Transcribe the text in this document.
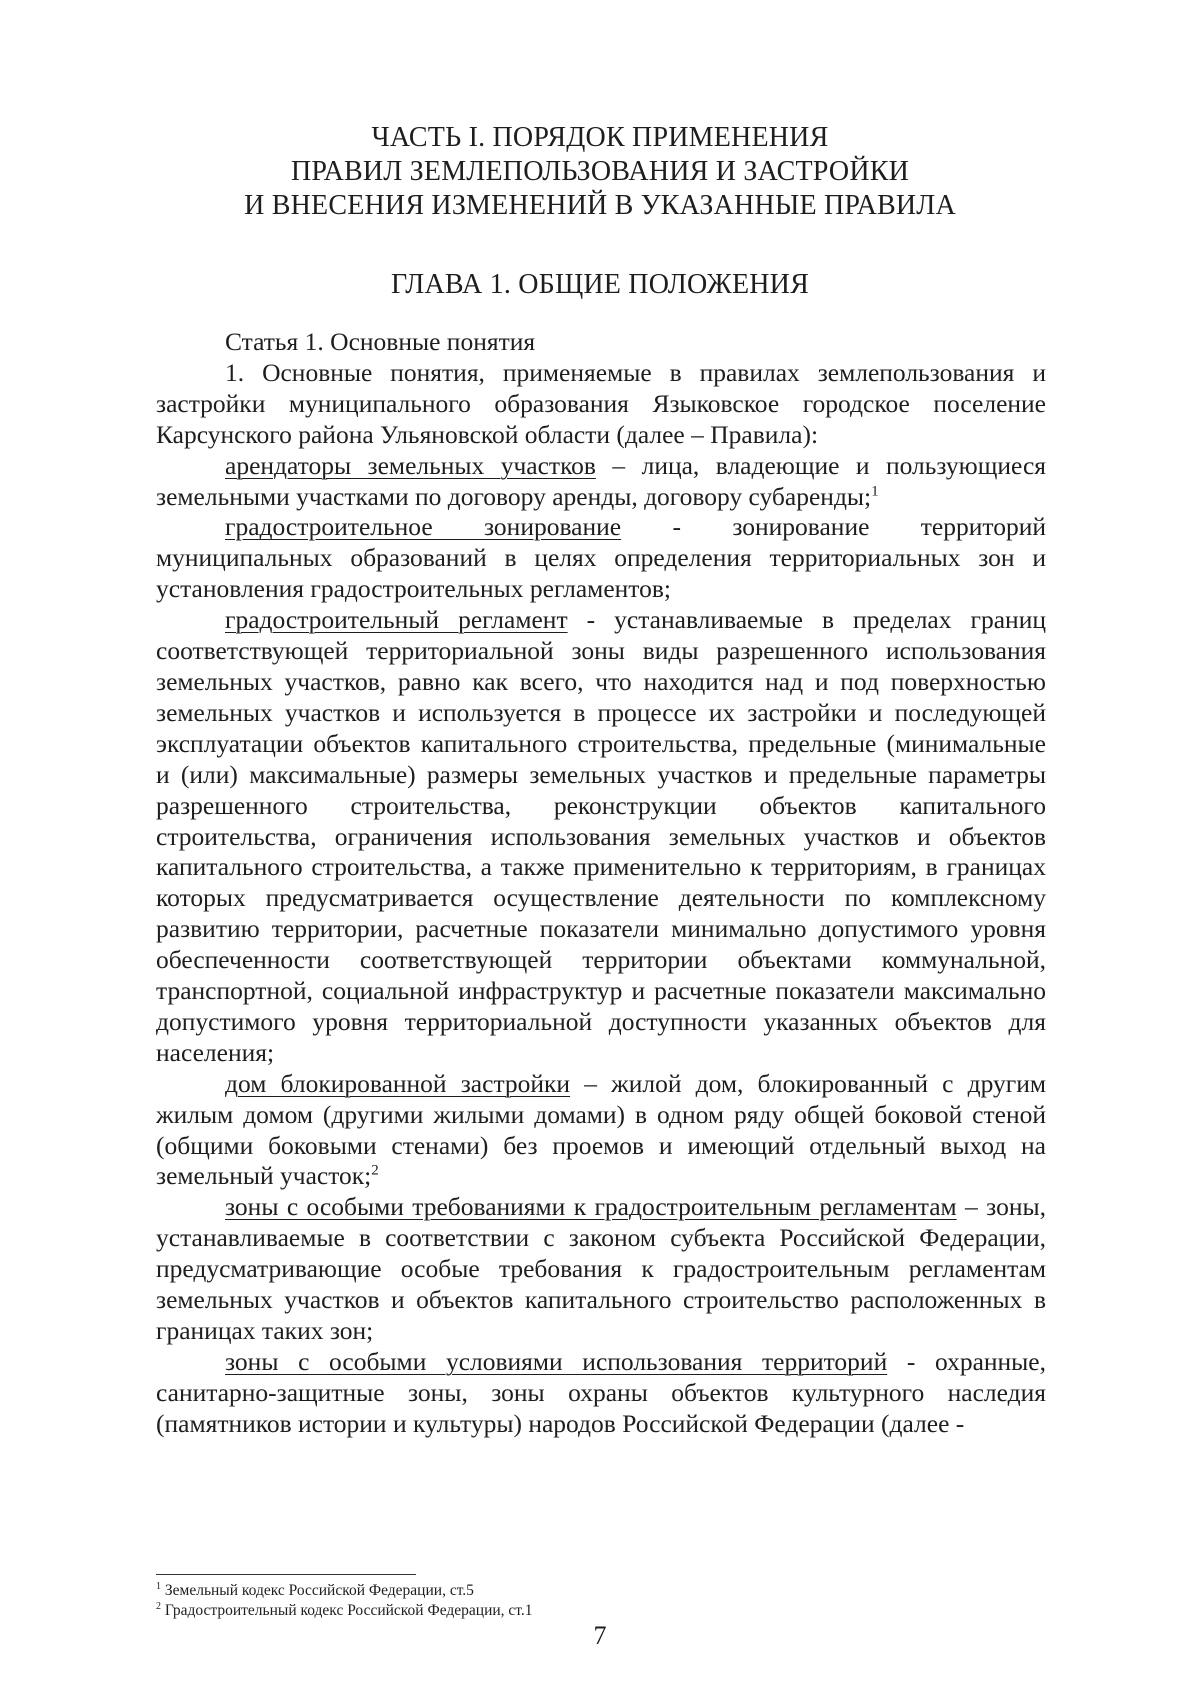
ЧАСТЬ I. ПОРЯДОК ПРИМЕНЕНИЯ
ПРАВИЛ ЗЕМЛЕПОЛЬЗОВАНИЯ И ЗАСТРОЙКИ
И ВНЕСЕНИЯ ИЗМЕНЕНИЙ В УКАЗАННЫЕ ПРАВИЛА
ГЛАВА 1. ОБЩИЕ ПОЛОЖЕНИЯ

Статья 1. Основные понятия

1. Основные понятия, применяемые в правилах землепользования и застройки муниципального образования Языковское городское поселение Карсунского района Ульяновской области (далее – Правила):

арендаторы земельных участков – лица, владеющие и пользующиеся земельными участками по договору аренды, договору субаренды;$^1$

градостроительное зонирование - зонирование территорий муниципальных образований в целях определения территориальных зон и установления градостроительных регламентов;

градостроительный регламент - устанавливаемые в пределах границ соответствующей территориальной зоны виды разрешенного использования земельных участков, равно как всего, что находится над и под поверхностью земельных участков и используется в процессе их застройки и последующей эксплуатации объектов капитального строительства, предельные (минимальные и (или) максимальные) размеры земельных участков и предельные параметры разрешенного строительства, реконструкции объектов капитального строительства, ограничения использования земельных участков и объектов капитального строительства, а также применительно к территориям, в границах которых предусматривается осуществление деятельности по комплексному развитию территории, расчетные показатели минимально допустимого уровня обеспеченности соответствующей территории объектами коммунальной, транспортной, социальной инфраструктур и расчетные показатели максимально допустимого уровня территориальной доступности указанных объектов для населения;

дом блокированной застройки – жилой дом, блокированный с другим жилым домом (другими жилыми домами) в одном ряду общей боковой стеной (общими боковыми стенами) без проемов и имеющий отдельный выход на земельный участок;$^2$

зоны с особыми требованиями к градостроительным регламентам – зоны, устанавливаемые в соответствии с законом субъекта Российской Федерации, предусматривающие особые требования к градостроительным регламентам земельных участков и объектов капитального строительство расположенных в границах таких зон;

зоны с особыми условиями использования территорий - охранные, санитарно-защитные зоны, зоны охраны объектов культурного наследия (памятников истории и культуры) народов Российской Федерации (далее -

$^1$ Земельный кодекс Российской Федерации, ст.5
$^2$ Градостроительный кодекс Российской Федерации, ст.1
7
